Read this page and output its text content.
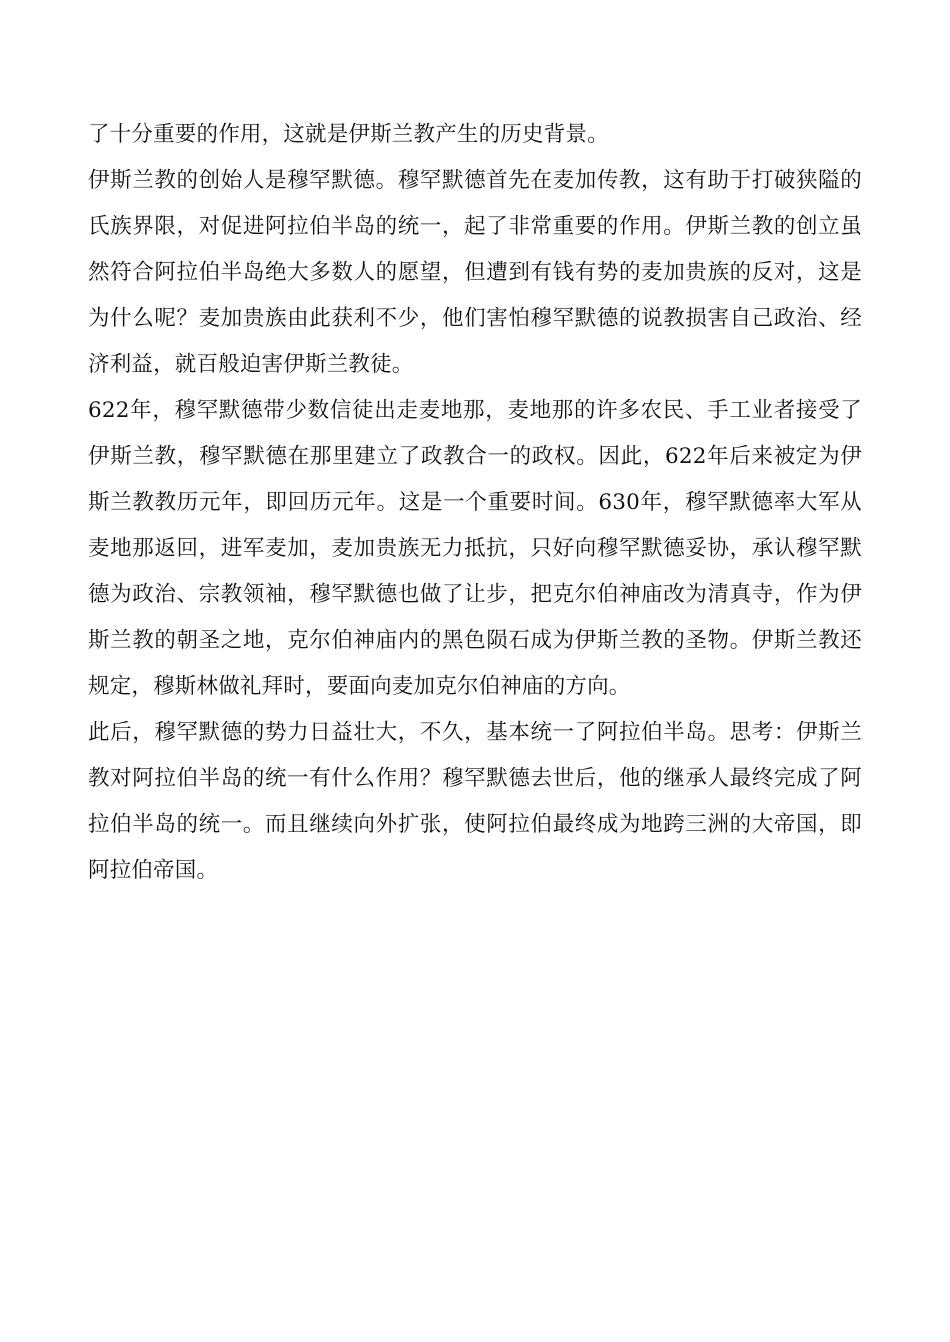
了十分重要的作用，这就是伊斯兰教产生的历史背景。

伊斯兰教的创始人是穆罕默德。穆罕默德首先在麦加传教，这有助于打破狭隘的氏族界限，对促进阿拉伯半岛的统一，起了非常重要的作用。伊斯兰教的创立虽然符合阿拉伯半岛绝大多数人的愿望，但遭到有钱有势的麦加贵族的反对，这是为什么呢？麦加贵族由此获利不少，他们害怕穆罕默德的说教损害自己政治、经济利益，就百般迫害伊斯兰教徒。

622年，穆罕默德带少数信徒出走麦地那，麦地那的许多农民、手工业者接受了伊斯兰教，穆罕默德在那里建立了政教合一的政权。因此，622年后来被定为伊斯兰教教历元年，即回历元年。这是一个重要时间。630年，穆罕默德率大军从麦地那返回，进军麦加，麦加贵族无力抵抗，只好向穆罕默德妥协，承认穆罕默德为政治、宗教领袖，穆罕默德也做了让步，把克尔伯神庙改为清真寺，作为伊斯兰教的朝圣之地，克尔伯神庙内的黑色陨石成为伊斯兰教的圣物。伊斯兰教还规定，穆斯林做礼拜时，要面向麦加克尔伯神庙的方向。

此后，穆罕默德的势力日益壮大，不久，基本统一了阿拉伯半岛。思考：伊斯兰教对阿拉伯半岛的统一有什么作用？穆罕默德去世后，他的继承人最终完成了阿拉伯半岛的统一。而且继续向外扩张，使阿拉伯最终成为地跨三洲的大帝国，即阿拉伯帝国。
